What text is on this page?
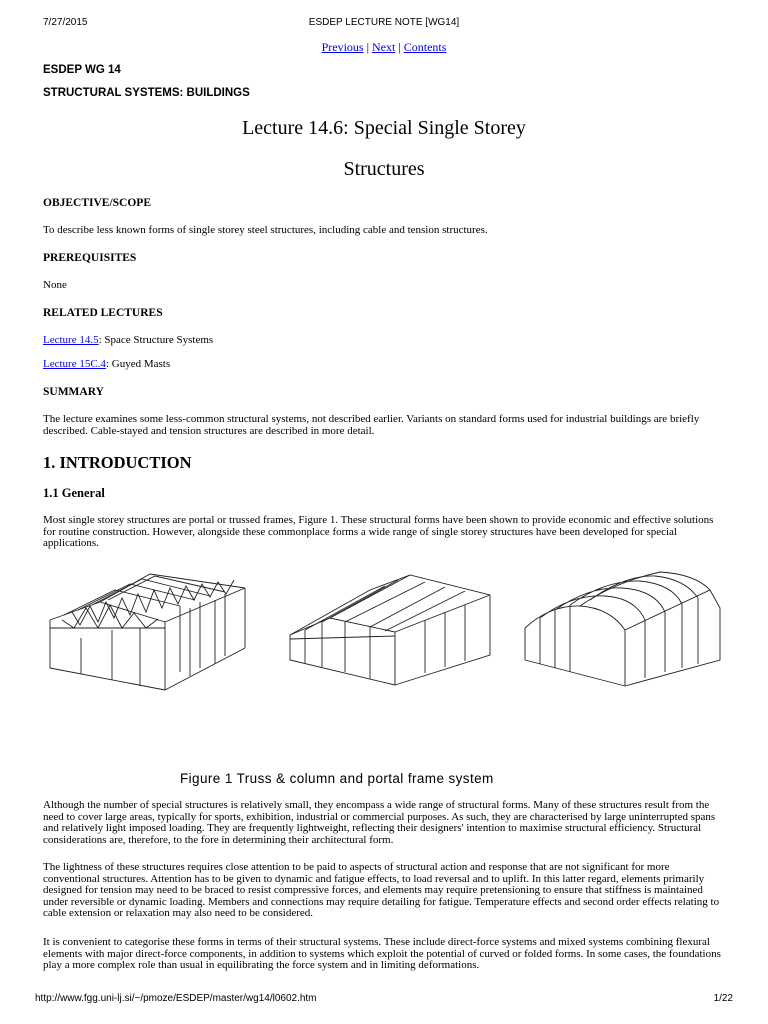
7/27/2015	ESDEP LECTURE NOTE [WG14]
Previous | Next | Contents
ESDEP WG 14
STRUCTURAL SYSTEMS: BUILDINGS
Lecture 14.6: Special Single Storey
Structures
OBJECTIVE/SCOPE
To describe less known forms of single storey steel structures, including cable and tension structures.
PREREQUISITES
None
RELATED LECTURES
Lecture 14.5: Space Structure Systems
Lecture 15C.4: Guyed Masts
SUMMARY
The lecture examines some less-common structural systems, not described earlier. Variants on standard forms used for industrial buildings are briefly described. Cable-stayed and tension structures are described in more detail.
1. INTRODUCTION
1.1 General
Most single storey structures are portal or trussed frames, Figure 1. These structural forms have been shown to provide economic and effective solutions for routine construction. However, alongside these commonplace forms a wide range of single storey structures have been developed for special applications.
Figure 1 Truss & column and portal frame system
Although the number of special structures is relatively small, they encompass a wide range of structural forms. Many of these structures result from the need to cover large areas, typically for sports, exhibition, industrial or commercial purposes. As such, they are characterised by large uninterrupted spans and relatively light imposed loading. They are frequently lightweight, reflecting their designers' intention to maximise structural efficiency. Structural considerations are, therefore, to the fore in determining their architectural form.
The lightness of these structures requires close attention to be paid to aspects of structural action and response that are not significant for more conventional structures. Attention has to be given to dynamic and fatigue effects, to load reversal and to uplift. In this latter regard, elements primarily designed for tension may need to be braced to resist compressive forces, and elements may require pretensioning to ensure that stiffness is maintained under reversible or dynamic loading. Members and connections may require detailing for fatigue. Temperature effects and second order effects relating to cable extension or relaxation may also need to be considered.
It is convenient to categorise these forms in terms of their structural systems. These include direct-force systems and mixed systems combining flexural elements with major direct-force components, in addition to systems which exploit the potential of curved or folded forms. In some cases, the foundations play a more complex role than usual in equilibrating the force system and in limiting deformations.
http://www.fgg.uni-lj.si/~/pmoze/ESDEP/master/wg14/l0602.htm	1/22
